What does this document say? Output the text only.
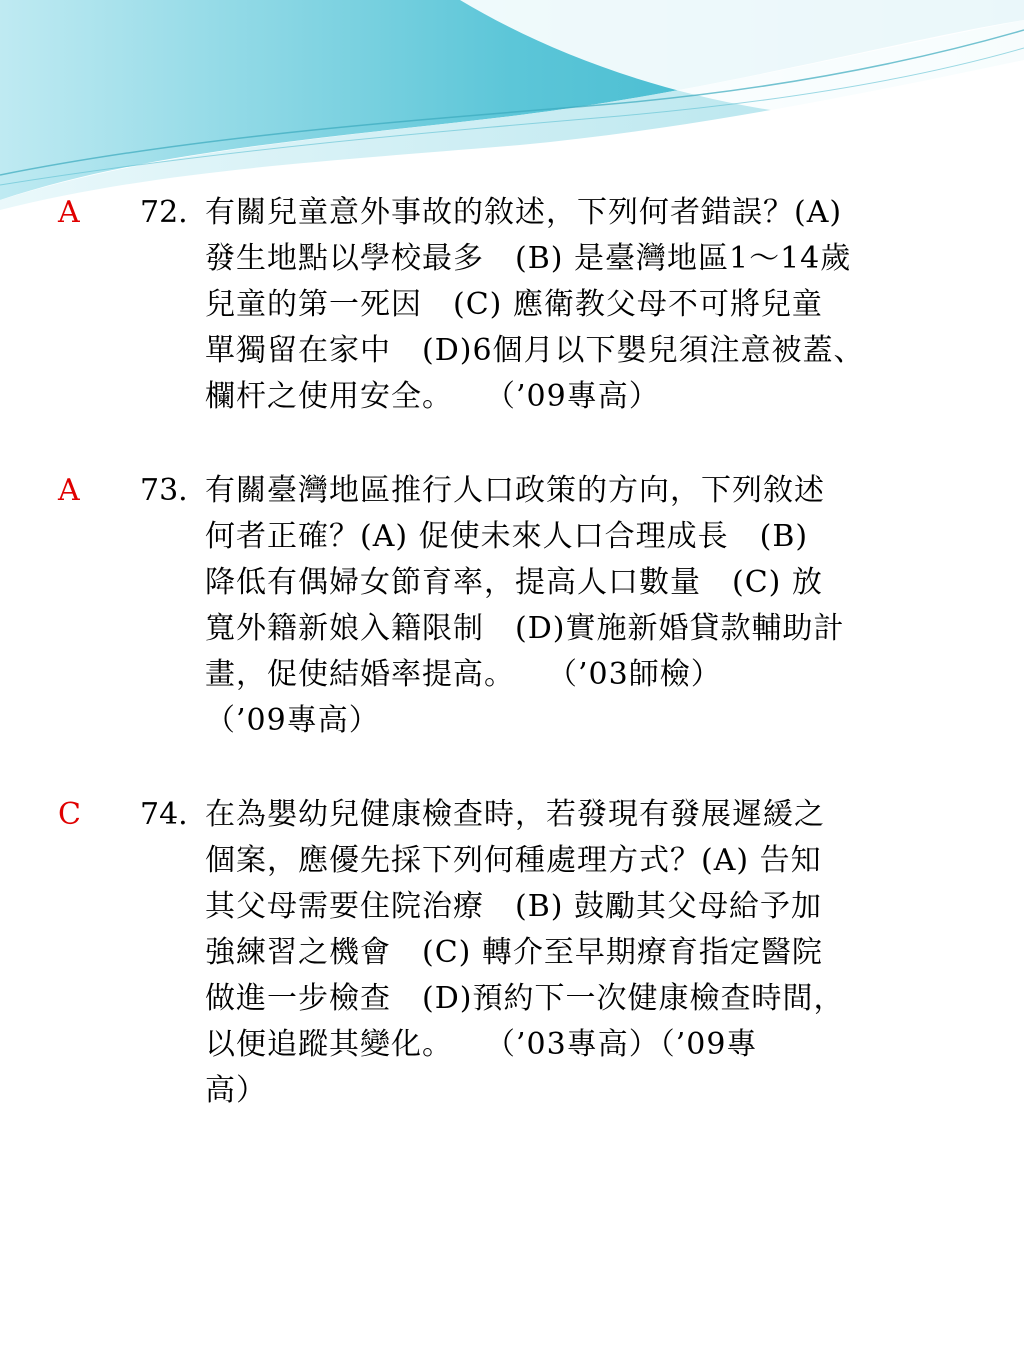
A	72. 有關兒童意外事故的敘述，下列何者錯誤？(A)
發生地點以學校最多　(B) 是臺灣地區1～14歲
兒童的第一死因　(C) 應衛教父母不可將兒童
單獨留在家中　(D)6個月以下嬰兒須注意被蓋、
欄杆之使用安全。　　（’09專高）
A	73. 有關臺灣地區推行人口政策的方向，下列敘述
何者正確？(A) 促使未來人口合理成長　(B)
降低有偶婦女節育率，提高人口數量　(C) 放
寬外籍新娘入籍限制　(D)實施新婚貸款輔助計
畫，促使結婚率提高。　　（’03師檢）
（’09專高）
C	74. 在為嬰幼兒健康檢查時，若發現有發展遲緩之
個案，應優先採下列何種處理方式？(A) 告知
其父母需要住院治療　(B) 鼓勵其父母給予加
強練習之機會　(C) 轉介至早期療育指定醫院
做進一步檢查　(D)預約下一次健康檢查時間，
以便追蹤其變化。　　（’03專高）（’09專
高）
